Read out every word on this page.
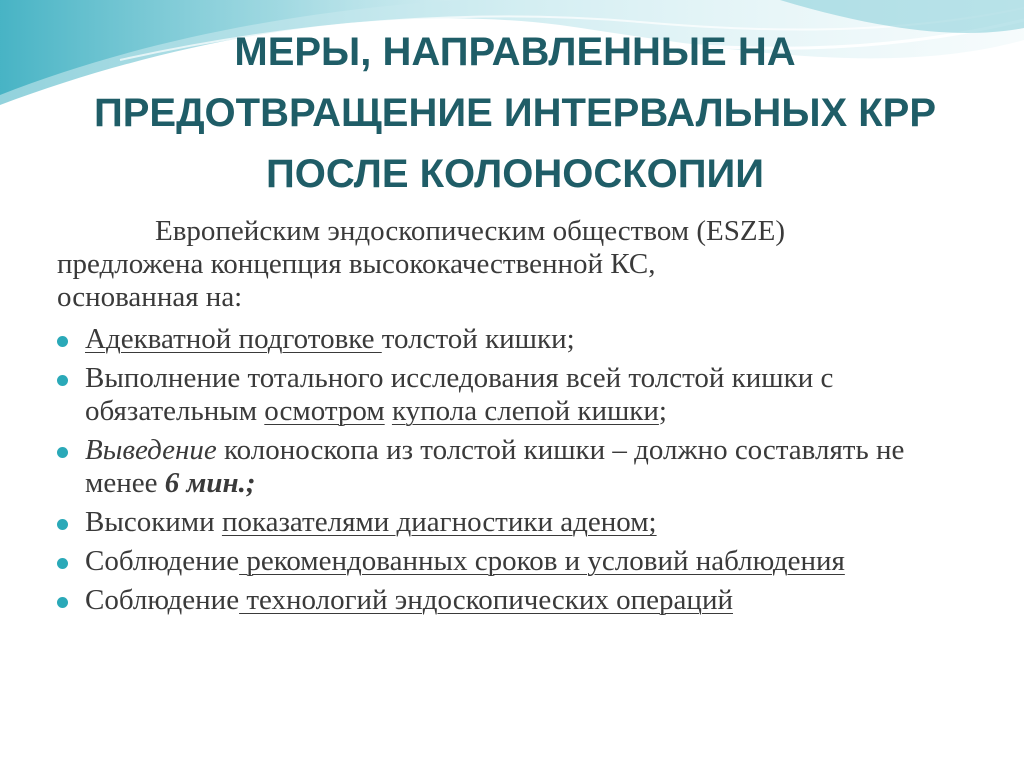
МЕРЫ, НАПРАВЛЕННЫЕ НА
ПРЕДОТВРАЩЕНИЕ ИНТЕРВАЛЬНЫХ КРР
ПОСЛЕ КОЛОНОСКОПИИ

Европейским эндоскопическим обществом (ESZE)
предложена концепция высококачественной КС,
основанная на:

Адекватной подготовке толстой кишки;
Выполнение тотального исследования всей толстой кишки с обязательным осмотром купола слепой кишки;
Выведение колоноскопа из толстой кишки – должно составлять не менее 6 мин.;
Высокими показателями диагностики аденом;
Соблюдение рекомендованных сроков и условий наблюдения
Соблюдение технологий эндоскопических операций
